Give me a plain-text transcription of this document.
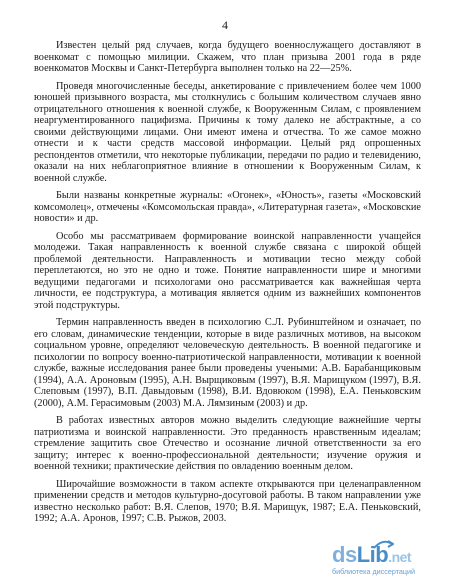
4

Известен целый ряд случаев, когда будущего военнослужащего доставляют в военкомат с помощью милиции. Скажем, что план призыва 2001 года в ряде военкоматов Москвы и Санкт-Петербурга выполнен только на 22—25%.

Проведя многочисленные беседы, анкетирование с привлечением более чем 1000 юношей призывного возраста, мы столкнулись с большим количеством случаев явно отрицательного отношения к военной службе, к Вооруженным Силам, с проявлением неаргументированного пацифизма. Причины к тому далеко не абстрактные, а со своими действующими лицами. Они имеют имена и отчества. То же самое можно отнести и к части средств массовой информации. Целый ряд опрошенных респондентов отметили, что некоторые публикации, передачи по радио и телевидению, оказали на них неблагоприятное влияние в отношении к Вооруженным Силам, к военной службе.

Были названы конкретные журналы: «Огонек», «Юность», газеты «Московский комсомолец», отмечены «Комсомольская правда», «Литературная газета», «Московские новости» и др.

Особо мы рассматриваем формирование воинской направленности учащейся молодежи. Такая направленность к военной службе связана с широкой общей проблемой деятельности. Направленность и мотивации тесно между собой переплетаются, но это не одно и тоже. Понятие направленности шире и многими ведущими педагогами и психологами оно рассматривается как важнейшая черта личности, ее подструктура, а мотивация является одним из важнейших компонентов этой подструктуры.

Термин направленность введен в психологию С.Л. Рубинштейном и означает, по его словам, динамические тенденции, которые в виде различных мотивов, на высоком социальном уровне, определяют человеческую деятельность. В военной педагогике и психологии по вопросу военно-патриотической направленности, мотивации к военной службе, важные исследования ранее были проведены учеными: А.В. Барабанщиковым (1994), А.А. Ароновым (1995), А.Н. Вырщиковым (1997), В.Я. Марищуком (1997), В.Я. Слеповым (1997), В.П. Давыдовым (1998), В.И. Вдовюком (1998), Е.А. Пеньковским (2000), А.М. Герасимовым (2003) М.А. Лямзиным (2003) и др.

В работах известных авторов можно выделить следующие важнейшие черты патриотизма и воинской направленности. Это преданность нравственным идеалам; стремление защитить свое Отечество и осознание личной ответственности за его защиту; интерес к военно-профессиональной деятельности; изучение оружия и военной техники; практические действия по овладению военным делом.

Широчайшие возможности в таком аспекте открываются при целенаправленном применении средств и методов культурно-досуговой работы. В таком направлении уже известно несколько работ: В.Я. Слепов, 1970; В.Я. Марищук, 1987; Е.А. Пеньковский, 1992; А.А. Аронов, 1997; С.В. Рыжов, 2003.

dsLib.net
библиотека диссертаций
